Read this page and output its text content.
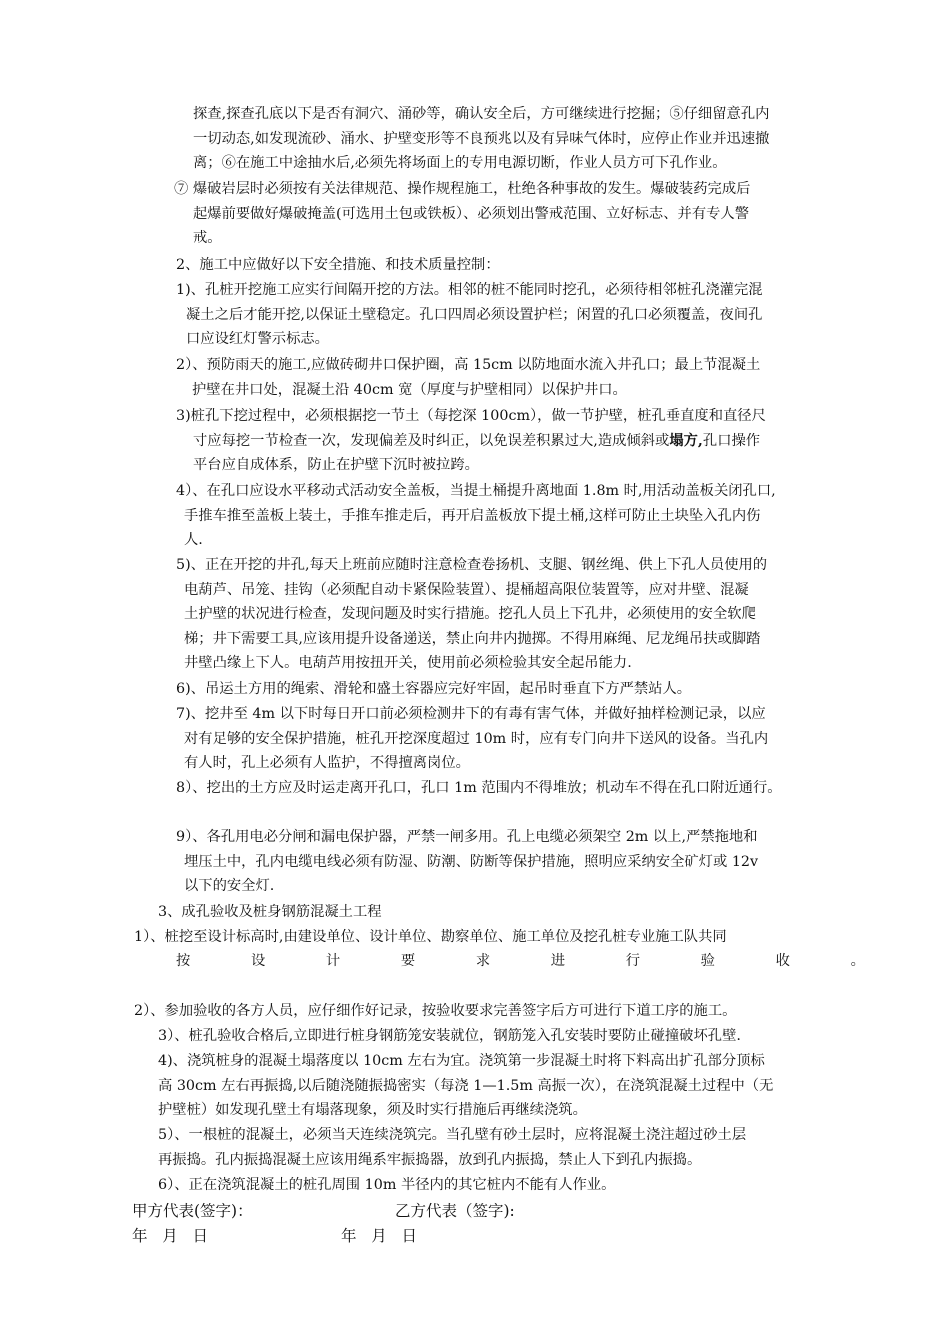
探查,探查孔底以下是否有洞穴、涌砂等，确认安全后，方可继续进行挖掘；⑤仔细留意孔内
一切动态,如发现流砂、涌水、护壁变形等不良预兆以及有异味气体时，应停止作业并迅速撤
离；⑥在施工中途抽水后,必须先将场面上的专用电源切断，作业人员方可下孔作业。
⑦ 爆破岩层时必须按有关法律规范、操作规程施工，杜绝各种事故的发生。爆破装药完成后
起爆前要做好爆破掩盖(可选用土包或铁板）、必须划出警戒范围、立好标志、并有专人警
戒。
2、施工中应做好以下安全措施、和技术质量控制：
1)、孔桩开挖施工应实行间隔开挖的方法。相邻的桩不能同时挖孔，必须待相邻桩孔浇灌完混
凝土之后才能开挖,以保证土壁稳定。孔口四周必须设置护栏；闲置的孔口必须覆盖，夜间孔
口应设红灯警示标志。
2）、预防雨天的施工,应做砖砌井口保护圈，高 15cm 以防地面水流入井孔口；最上节混凝土
护壁在井口处，混凝土沿 40cm 宽（厚度与护壁相同）以保护井口。
3)桩孔下挖过程中，必须根据挖一节土（每挖深 100cm），做一节护壁，桩孔垂直度和直径尺
寸应每挖一节检查一次，发现偏差及时纠正，以免误差积累过大,造成倾斜或塌方,孔口操作
平台应自成体系，防止在护壁下沉时被拉跨。
4）、在孔口应设水平移动式活动安全盖板，当提土桶提升离地面 1.8m 时,用活动盖板关闭孔口,
手推车推至盖板上装土，手推车推走后，再开启盖板放下提土桶,这样可防止土块坠入孔内伤
人.
5)、正在开挖的井孔,每天上班前应随时注意检查卷扬机、支腿、钢丝绳、供上下孔人员使用的
电葫芦、吊笼、挂钩（必须配自动卡紧保险装置）、提桶超高限位装置等，应对井壁、混凝
土护壁的状况进行检查，发现问题及时实行措施。挖孔人员上下孔井，必须使用的安全软爬
梯；井下需要工具,应该用提升设备递送，禁止向井内抛掷。不得用麻绳、尼龙绳吊扶或脚踏
井壁凸缘上下人。电葫芦用按扭开关，使用前必须检验其安全起吊能力.
6)、吊运土方用的绳索、滑轮和盛土容器应完好牢固，起吊时垂直下方严禁站人。
7)、挖井至 4m 以下时每日开口前必须检测井下的有毒有害气体，并做好抽样检测记录，以应
对有足够的安全保护措施，桩孔开挖深度超过 10m 时，应有专门向井下送风的设备。当孔内
有人时，孔上必须有人监护，不得擅离岗位。
8）、挖出的土方应及时运走离开孔口，孔口 1m 范围内不得堆放；机动车不得在孔口附近通行。
9）、各孔用电必分闸和漏电保护器，严禁一闸多用。孔上电缆必须架空 2m 以上,严禁拖地和
埋压土中，孔内电缆电线必须有防湿、防潮、防断等保护措施，照明应采纳安全矿灯或 12v
以下的安全灯.
3、成孔验收及桩身钢筋混凝土工程
1）、桩挖至设计标高时,由建设单位、设计单位、勘察单位、施工单位及挖孔桩专业施工队共同
按	设	计	要	求	进	行	验	收	。
2）、参加验收的各方人员，应仔细作好记录，按验收要求完善签字后方可进行下道工序的施工。
3）、桩孔验收合格后,立即进行桩身钢筋笼安装就位，钢筋笼入孔安装时要防止碰撞破坏孔壁.
4)、浇筑桩身的混凝土塌落度以 10cm 左右为宜。浇筑第一步混凝土时将下料高出扩孔部分顶标
高 30cm 左右再振捣,以后随浇随振捣密实（每浇 1—1.5m 高振一次），在浇筑混凝土过程中（无
护壁桩）如发现孔壁土有塌落现象，须及时实行措施后再继续浇筑。
5）、一根桩的混凝土，必须当天连续浇筑完。当孔壁有砂土层时，应将混凝土浇注超过砂土层
再振捣。孔内振捣混凝土应该用绳系牢振捣器，放到孔内振捣，禁止人下到孔内振捣。
6）、正在浇筑混凝土的桩孔周围 10m 半径内的其它桩内不能有人作业。
甲方代表(签字)：	乙方代表（签字):
年   月   日	年   月   日
